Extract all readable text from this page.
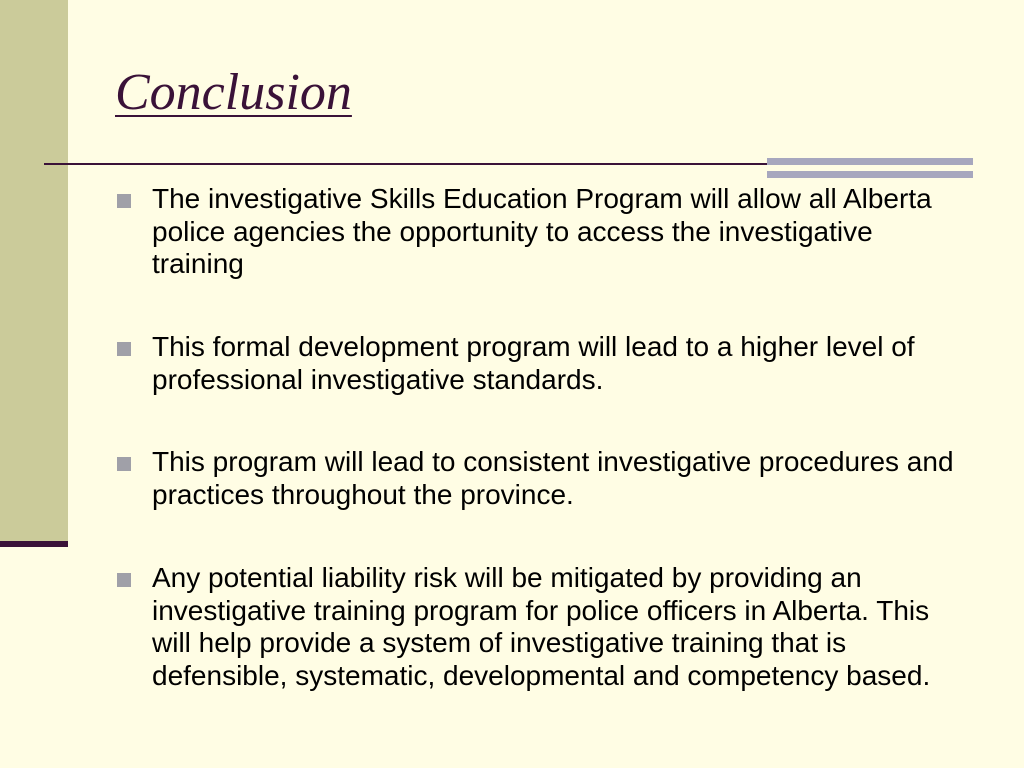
Conclusion
The investigative Skills Education Program will allow all Alberta police agencies the opportunity to access the investigative training
This formal development program will lead to a higher level of professional investigative standards.
This program will lead to consistent investigative procedures and practices throughout the province.
Any potential liability risk will be mitigated by providing an investigative training program for police officers in Alberta. This will help provide a system of investigative training that is defensible, systematic, developmental and competency based.
